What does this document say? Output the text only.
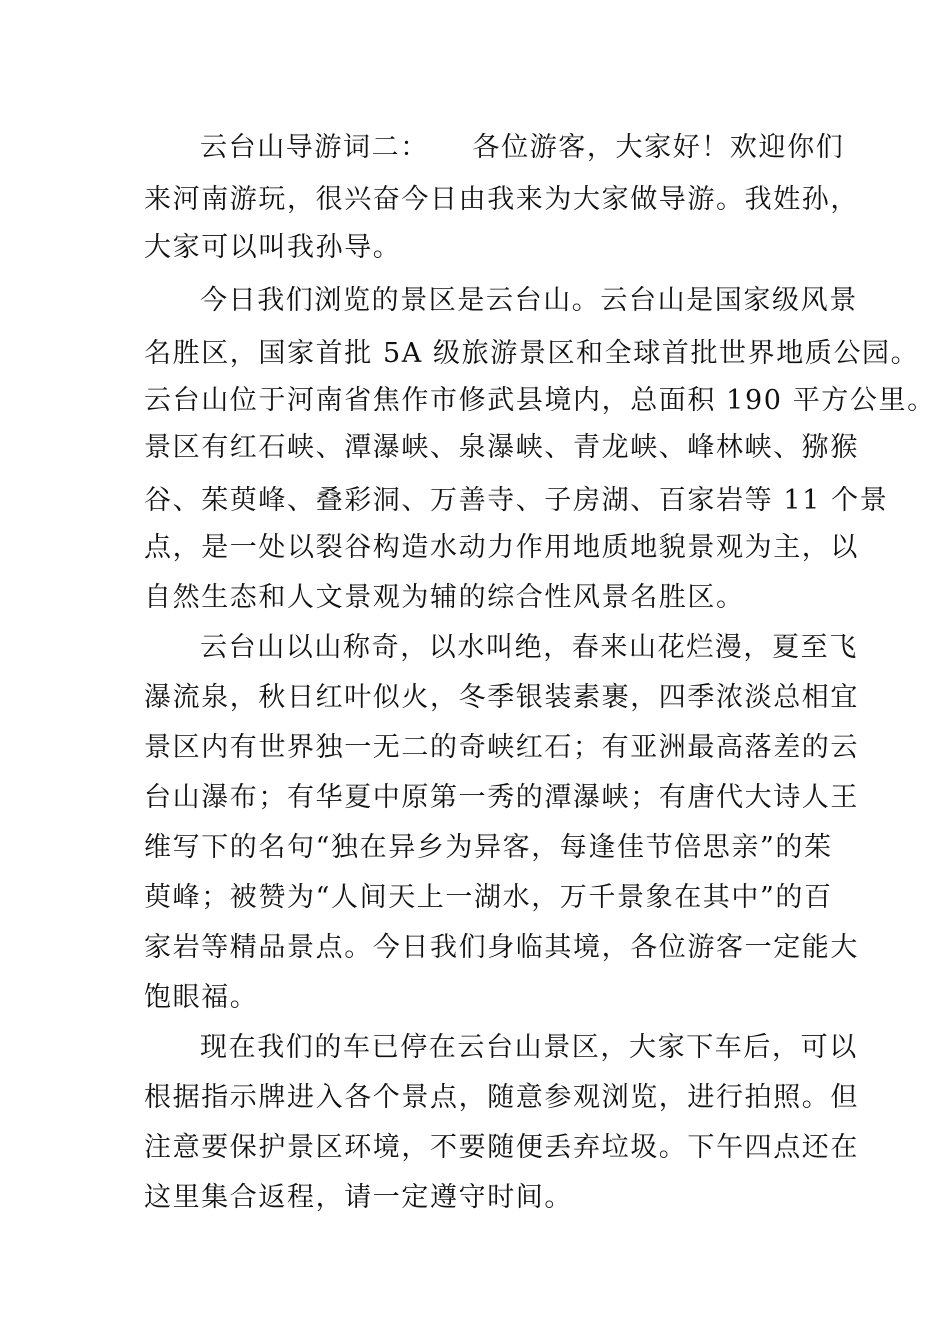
云台山导游词二：　　各位游客，大家好！欢迎你们
来河南游玩，很兴奋今日由我来为大家做导游。我姓孙，
大家可以叫我孙导。
今日我们浏览的景区是云台山。云台山是国家级风景
名胜区，国家首批 5A 级旅游景区和全球首批世界地质公园。
云台山位于河南省焦作市修武县境内，总面积 190 平方公里。
景区有红石峡、潭瀑峡、泉瀑峡、青龙峡、峰林峡、猕猴
谷、茱萸峰、叠彩洞、万善寺、子房湖、百家岩等 11 个景
点，是一处以裂谷构造水动力作用地质地貌景观为主，以
自然生态和人文景观为辅的综合性风景名胜区。
云台山以山称奇，以水叫绝，春来山花烂漫，夏至飞
瀑流泉，秋日红叶似火，冬季银装素裹，四季浓淡总相宜
景区内有世界独一无二的奇峡红石；有亚洲最高落差的云
台山瀑布；有华夏中原第一秀的潭瀑峡；有唐代大诗人王
维写下的名句“独在异乡为异客，每逢佳节倍思亲”的茱
萸峰；被赞为“人间天上一湖水，万千景象在其中”的百
家岩等精品景点。今日我们身临其境，各位游客一定能大
饱眼福。
现在我们的车已停在云台山景区，大家下车后，可以
根据指示牌进入各个景点，随意参观浏览，进行拍照。但
注意要保护景区环境，不要随便丢弃垃圾。下午四点还在
这里集合返程，请一定遵守时间。
